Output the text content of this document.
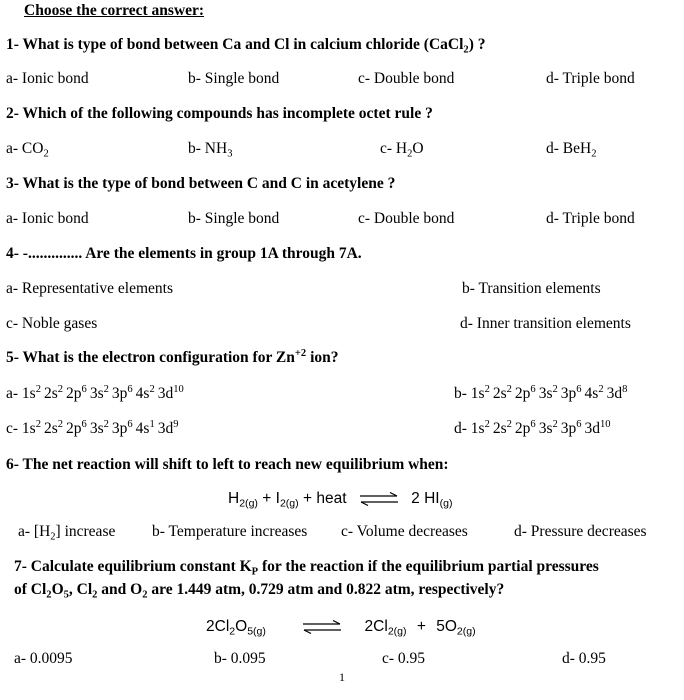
Choose the correct answer:
1- What is type of bond between Ca and Cl in calcium chloride (CaCl$_2$) ?
a- Ionic bond	b- Single bond	c- Double bond	d- Triple bond
2- Which of the following compounds has incomplete octet rule ?
a- $CO_2$	b- $NH_3$	c- $H_2O$	d- BeH$_2$
3- What is the type of bond between C and C in acetylene ?
a- Ionic bond	b- Single bond	c- Double bond	d- Triple bond
4- -.............. Are the elements in group 1A through 7A.
a- Representative elements	b- Transition elements
c- Noble gases	d- Inner transition elements
5- What is the electron configuration for $Zn^{+2}$ ion?
a- $1s^2$ $2s^2$ $2p^6$ $3s^2$ $3p^6$ $4s^2$ $3d^{10}$	b- $1s^2$ $2s^2$ $2p^6$ $3s^2$ $3p^6$ $4s^2$ $3d^8$
c- $1s^2$ $2s^2$ $2p^6$ $3s^2$ $3p^6$ $4s^1$ $3d^9$	d- $1s^2$ $2s^2$ $2p^6$ $3s^2$ $3p^6$ $3d^{10}$
6- The net reaction will shift to left to reach new equilibrium when:
$H_{2(g)} + I_{2(g)}$ + heat ⇌ 2 $HI_{(g)}$
a- $[H_2]$ increase b- Temperature increases c- Volume decreases	d- Pressure decreases
7- Calculate equilibrium constant $K_P$ for the reaction if the equilibrium partial pressures
of $Cl_2O_5$, $Cl_2$ and $O_2$ are 1.449 atm, 0.729 atm and 0.822 atm, respectively?
$2Cl_2O_{5(g)}$ ⇌ $2Cl_{2(g)} + 5O_{2(g)}$
a- 0.0095	b- 0.095	c- 0.95	d- 0.95
1
